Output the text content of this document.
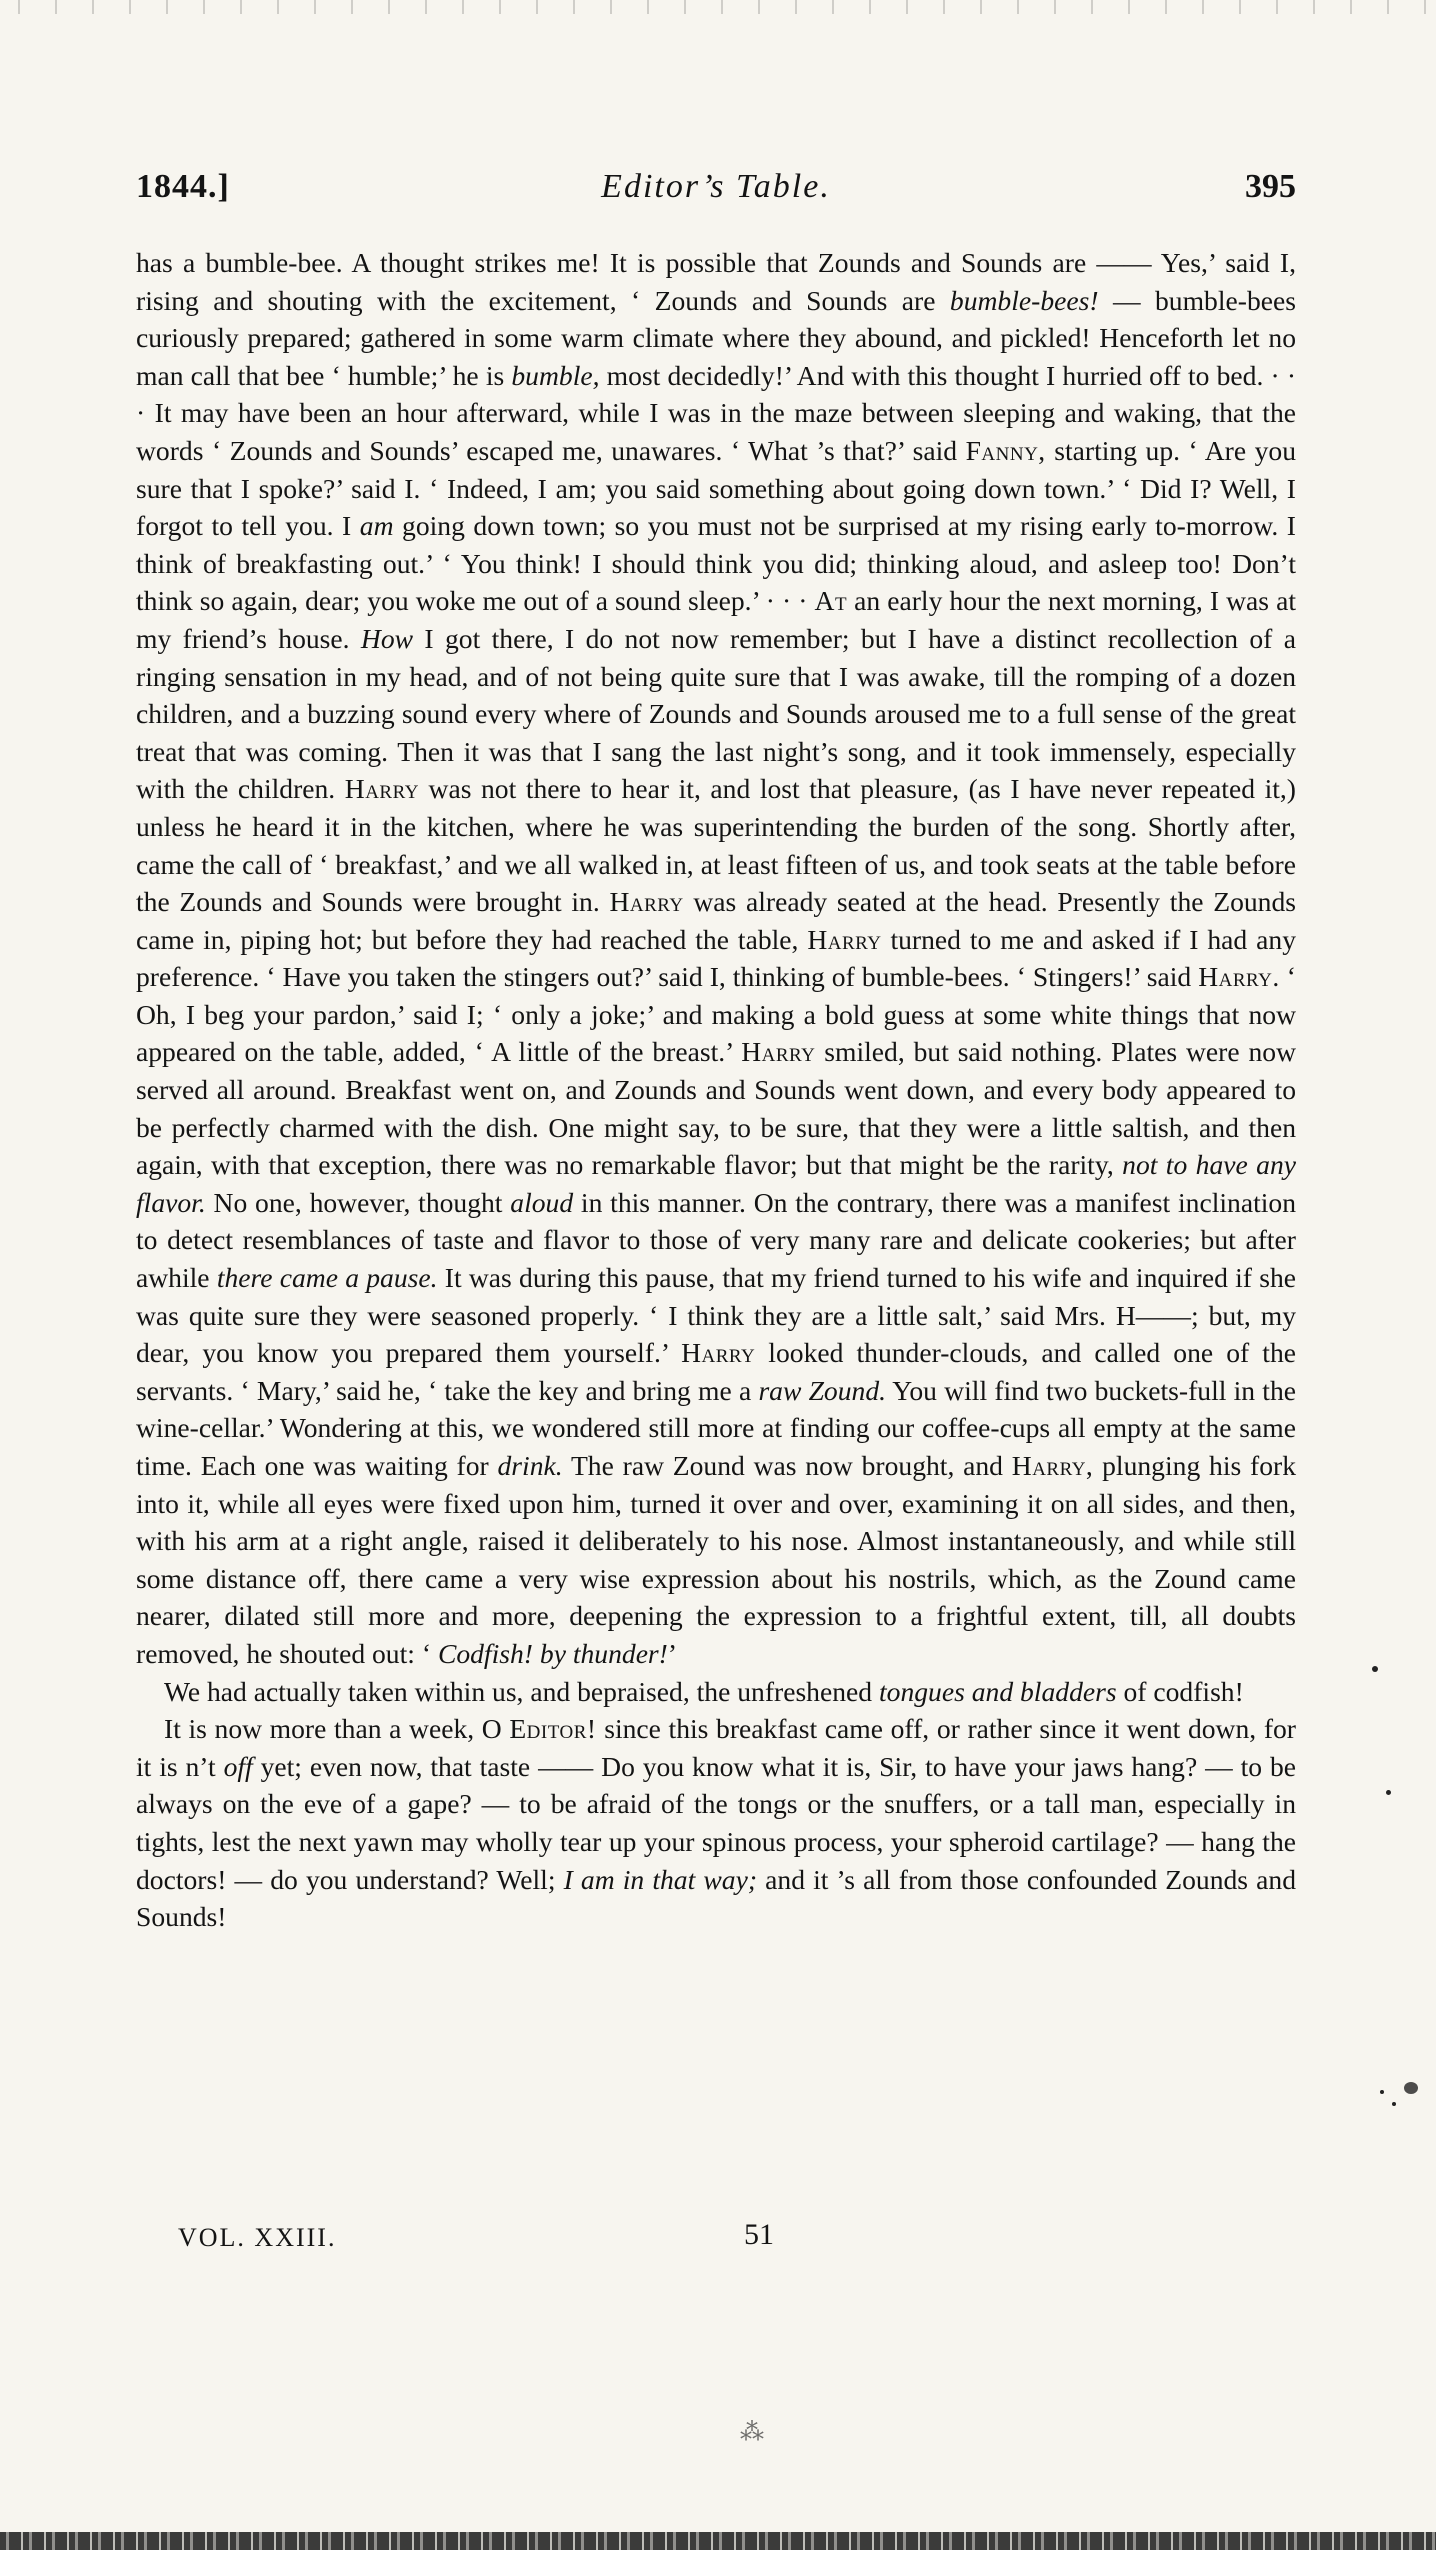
1844.]	Editor’s Table.	395

has a bumble-bee. A thought strikes me! It is possible that Zounds and Sounds are —— Yes,’ said I, rising and shouting with the excitement, ‘ Zounds and Sounds are bumble-bees! — bumble-bees curiously prepared; gathered in some warm climate where they abound, and pickled! Henceforth let no man call that bee ‘ humble;’ he is bumble, most decidedly!’ And with this thought I hurried off to bed. · · · It may have been an hour afterward, while I was in the maze between sleeping and waking, that the words ‘ Zounds and Sounds’ escaped me, unawares. ‘ What ’s that?’ said Fanny, starting up. ‘ Are you sure that I spoke?’ said I. ‘ Indeed, I am; you said something about going down town.’ ‘ Did I? Well, I forgot to tell you. I am going down town; so you must not be surprised at my rising early to-morrow. I think of breakfasting out.’ ‘ You think! I should think you did; thinking aloud, and asleep too! Don’t think so again, dear; you woke me out of a sound sleep.’ · · · At an early hour the next morning, I was at my friend’s house. How I got there, I do not now remember; but I have a distinct recollection of a ringing sensation in my head, and of not being quite sure that I was awake, till the romping of a dozen children, and a buzzing sound every where of Zounds and Sounds aroused me to a full sense of the great treat that was coming. Then it was that I sang the last night’s song, and it took immensely, especially with the children. Harry was not there to hear it, and lost that pleasure, (as I have never repeated it,) unless he heard it in the kitchen, where he was superintending the burden of the song. Shortly after, came the call of ‘ breakfast,’ and we all walked in, at least fifteen of us, and took seats at the table before the Zounds and Sounds were brought in. Harry was already seated at the head. Presently the Zounds came in, piping hot; but before they had reached the table, Harry turned to me and asked if I had any preference. ‘ Have you taken the stingers out?’ said I, thinking of bumble-bees. ‘ Stingers!’ said Harry. ‘ Oh, I beg your pardon,’ said I; ‘ only a joke;’ and making a bold guess at some white things that now appeared on the table, added, ‘ A little of the breast.’ Harry smiled, but said nothing. Plates were now served all around. Breakfast went on, and Zounds and Sounds went down, and every body appeared to be perfectly charmed with the dish. One might say, to be sure, that they were a little saltish, and then again, with that exception, there was no remarkable flavor; but that might be the rarity, not to have any flavor. No one, however, thought aloud in this manner. On the contrary, there was a manifest inclination to detect resemblances of taste and flavor to those of very many rare and delicate cookeries; but after awhile there came a pause. It was during this pause, that my friend turned to his wife and inquired if she was quite sure they were seasoned properly. ‘ I think they are a little salt,’ said Mrs. H——; but, my dear, you know you prepared them yourself.’ Harry looked thunder-clouds, and called one of the servants. ‘ Mary,’ said he, ‘ take the key and bring me a raw Zound. You will find two buckets-full in the wine-cellar.’ Wondering at this, we wondered still more at finding our coffee-cups all empty at the same time. Each one was waiting for drink. The raw Zound was now brought, and Harry, plunging his fork into it, while all eyes were fixed upon him, turned it over and over, examining it on all sides, and then, with his arm at a right angle, raised it deliberately to his nose. Almost instantaneously, and while still some distance off, there came a very wise expression about his nostrils, which, as the Zound came nearer, dilated still more and more, deepening the expression to a frightful extent, till, all doubts removed, he shouted out: ‘ Codfish! by thunder!’

We had actually taken within us, and bepraised, the unfreshened tongues and bladders of codfish!

It is now more than a week, O Editor! since this breakfast came off, or rather since it went down, for it is n’t off yet; even now, that taste —— Do you know what it is, Sir, to have your jaws hang? — to be always on the eve of a gape? — to be afraid of the tongs or the snuffers, or a tall man, especially in tights, lest the next yawn may wholly tear up your spinous process, your spheroid cartilage? — hang the doctors! — do you understand? Well; I am in that way; and it ’s all from those confounded Zounds and Sounds!

VOL. XXIII.	51
⁂
